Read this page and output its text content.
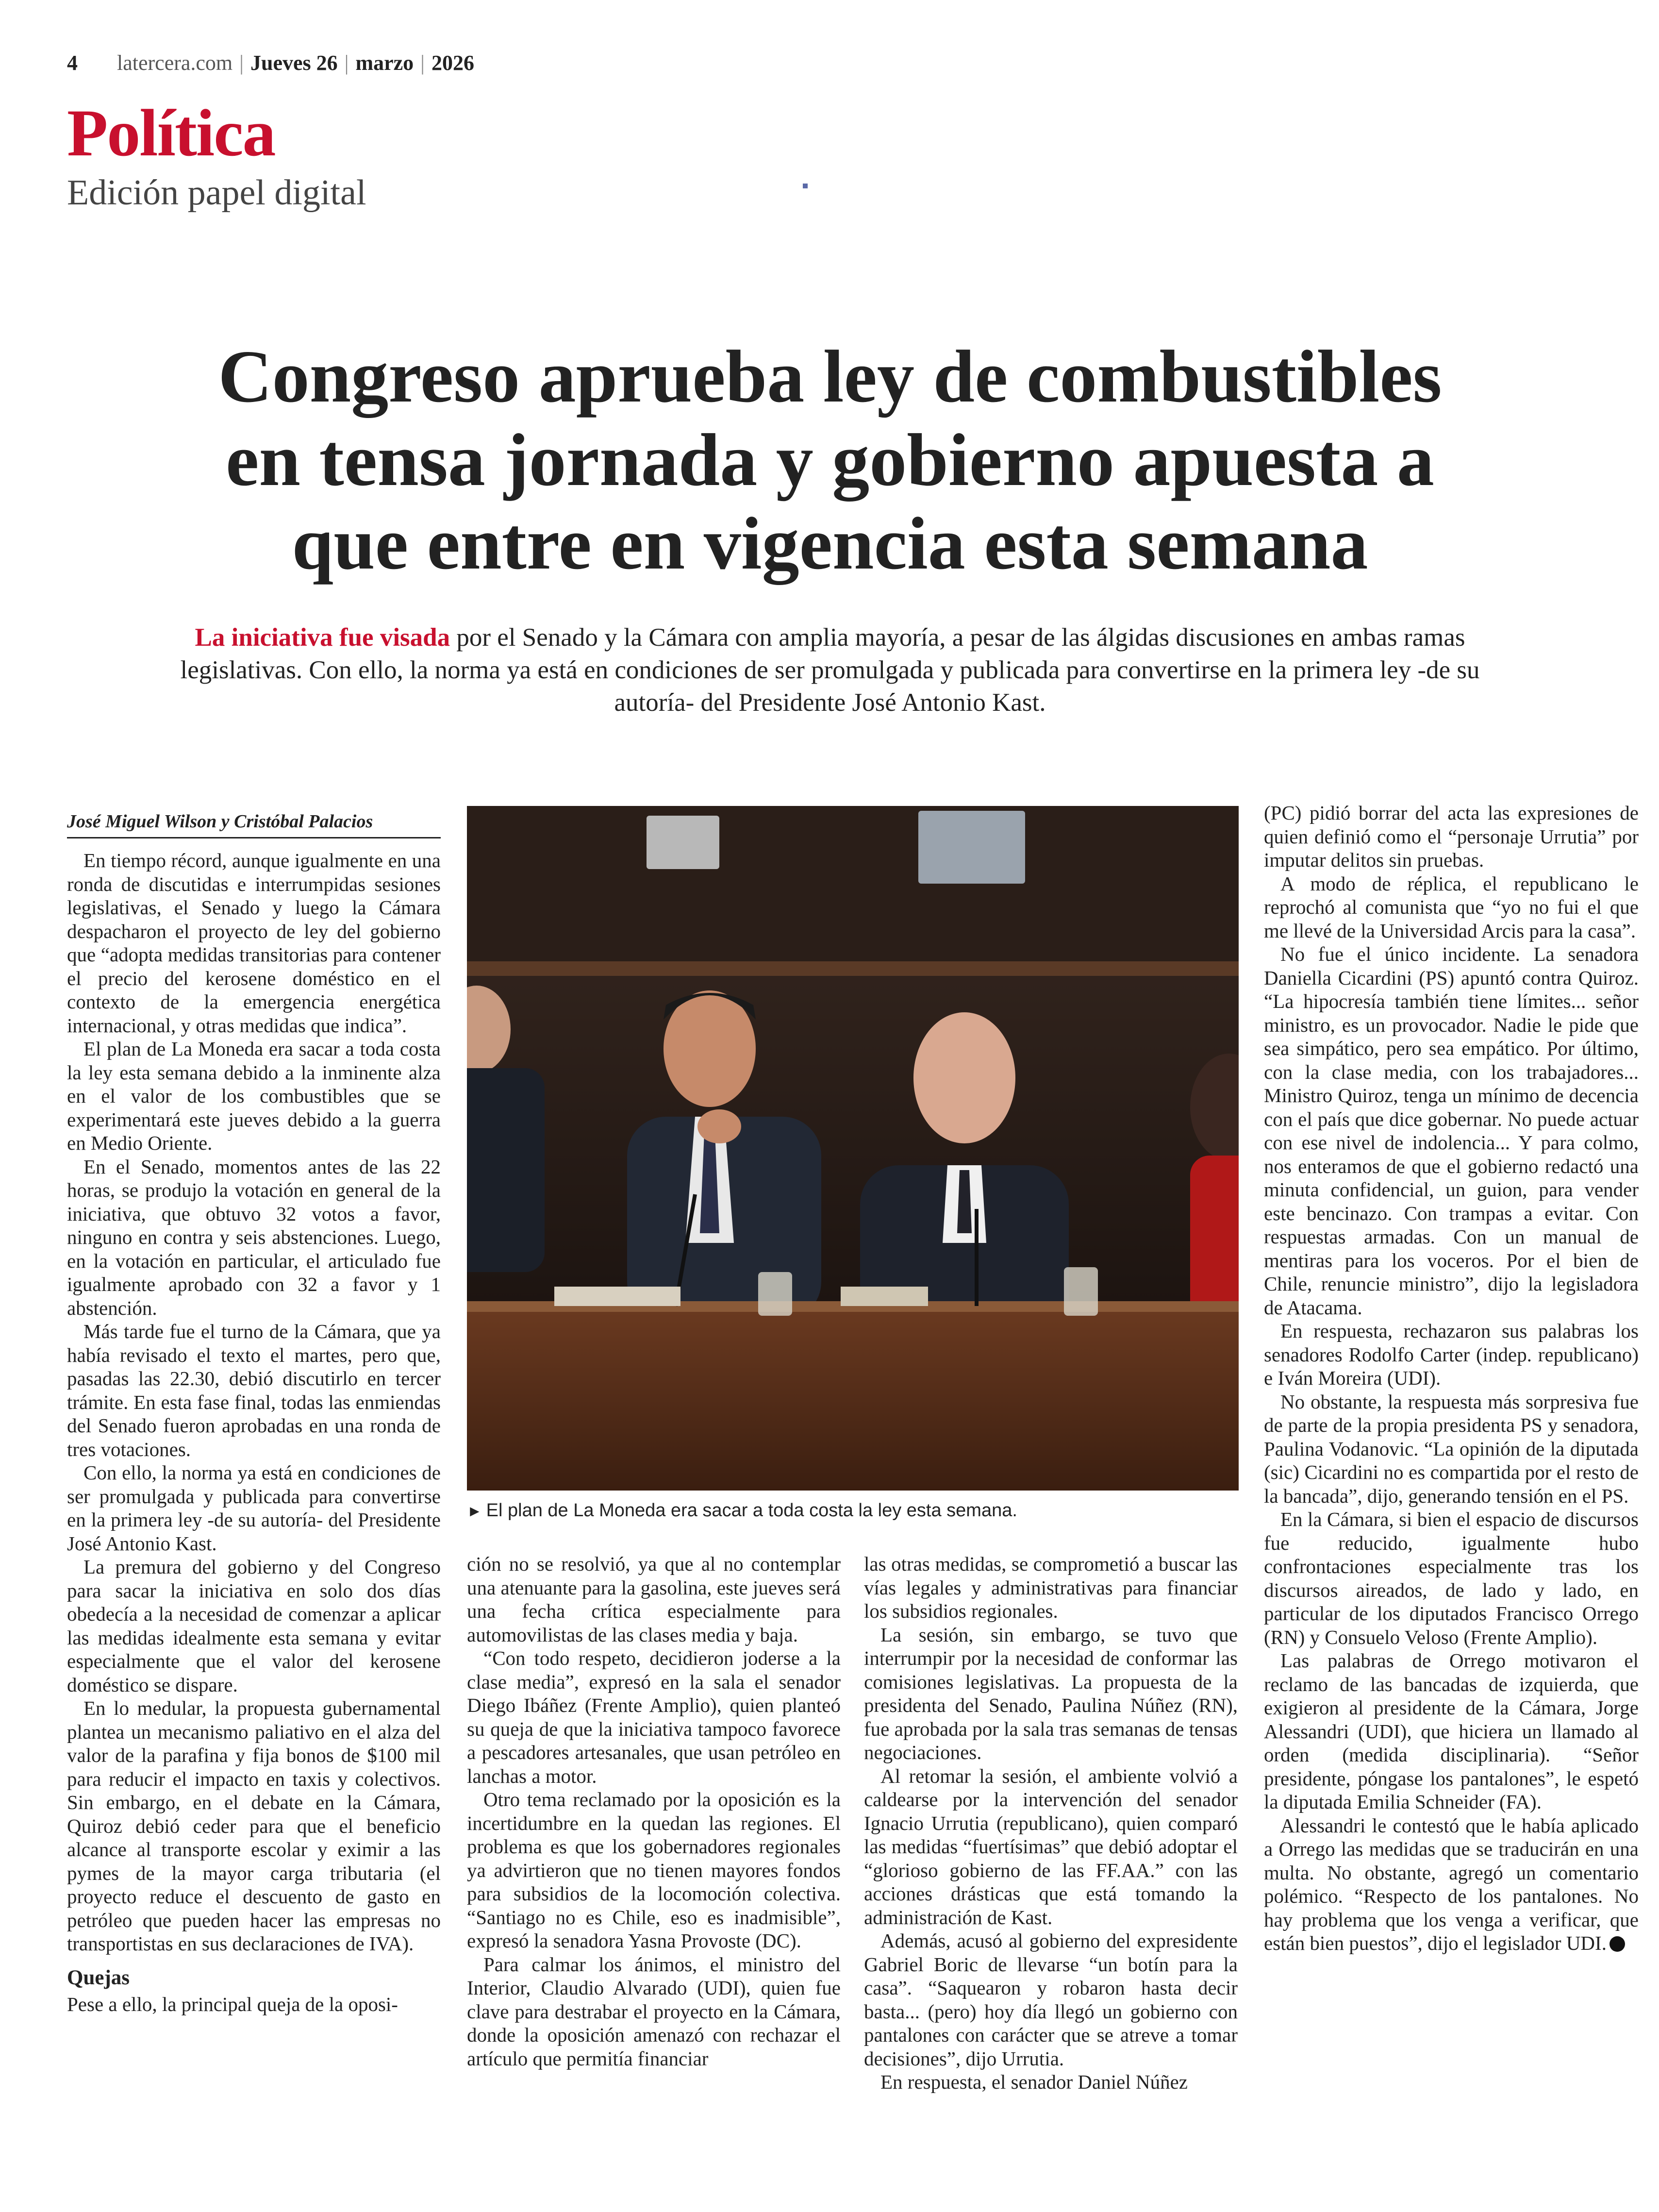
4 latercera.com | Jueves 26 | marzo | 2026
Política
Edición papel digital
Congreso aprueba ley de combustibles
en tensa jornada y gobierno apuesta a
que entre en vigencia esta semana
La iniciativa fue visada por el Senado y la Cámara con amplia mayoría, a pesar de las álgidas discusiones en ambas ramas legislativas. Con ello, la norma ya está en condiciones de ser promulgada y publicada para convertirse en la primera ley -de su autoría- del Presidente José Antonio Kast.
José Miguel Wilson y Cristóbal Palacios

En tiempo récord, aunque igualmente en una ronda de discutidas e interrumpidas sesiones legislativas, el Senado y luego la Cámara despacharon el proyecto de ley del gobierno que “adopta medidas transitorias para contener el precio del kerosene doméstico en el contexto de la emergencia energética internacional, y otras medidas que indica”.

El plan de La Moneda era sacar a toda costa la ley esta semana debido a la inminente alza en el valor de los combustibles que se experimentará este jueves debido a la guerra en Medio Oriente.

En el Senado, momentos antes de las 22 horas, se produjo la votación en general de la iniciativa, que obtuvo 32 votos a favor, ninguno en contra y seis abstenciones. Luego, en la votación en particular, el articulado fue igualmente aprobado con 32 a favor y 1 abstención.

Más tarde fue el turno de la Cámara, que ya había revisado el texto el martes, pero que, pasadas las 22.30, debió discutirlo en tercer trámite. En esta fase final, todas las enmiendas del Senado fueron aprobadas en una ronda de tres votaciones.

Con ello, la norma ya está en condiciones de ser promulgada y publicada para convertirse en la primera ley -de su autoría- del Presidente José Antonio Kast.

La premura del gobierno y del Congreso para sacar la iniciativa en solo dos días obedecía a la necesidad de comenzar a aplicar las medidas idealmente esta semana y evitar especialmente que el valor del kerosene doméstico se dispare.

En lo medular, la propuesta gubernamental plantea un mecanismo paliativo en el alza del valor de la parafina y fija bonos de $100 mil para reducir el impacto en taxis y colectivos. Sin embargo, en el debate en la Cámara, Quiroz debió ceder para que el beneficio alcance al transporte escolar y eximir a las pymes de la mayor carga tributaria (el proyecto reduce el descuento de gasto en petróleo que pueden hacer las empresas no transportistas en sus declaraciones de IVA).

Quejas

Pese a ello, la principal queja de la oposi-

► El plan de La Moneda era sacar a toda costa la ley esta semana.

ción no se resolvió, ya que al no contemplar una atenuante para la gasolina, este jueves será una fecha crítica especialmente para automovilistas de las clases media y baja.

“Con todo respeto, decidieron joderse a la clase media”, expresó en la sala el senador Diego Ibáñez (Frente Amplio), quien planteó su queja de que la iniciativa tampoco favorece a pescadores artesanales, que usan petróleo en lanchas a motor.

Otro tema reclamado por la oposición es la incertidumbre en la quedan las regiones. El problema es que los gobernadores regionales ya advirtieron que no tienen mayores fondos para subsidios de la locomoción colectiva. “Santiago no es Chile, eso es inadmisible”, expresó la senadora Yasna Provoste (DC).

Para calmar los ánimos, el ministro del Interior, Claudio Alvarado (UDI), quien fue clave para destrabar el proyecto en la Cámara, donde la oposición amenazó con rechazar el artículo que permitía financiar

las otras medidas, se comprometió a buscar las vías legales y administrativas para financiar los subsidios regionales.

La sesión, sin embargo, se tuvo que interrumpir por la necesidad de conformar las comisiones legislativas. La propuesta de la presidenta del Senado, Paulina Núñez (RN), fue aprobada por la sala tras semanas de tensas negociaciones.

Al retomar la sesión, el ambiente volvió a caldearse por la intervención del senador Ignacio Urrutia (republicano), quien comparó las medidas “fuertísimas” que debió adoptar el “glorioso gobierno de las FF.AA.” con las acciones drásticas que está tomando la administración de Kast.

Además, acusó al gobierno del expresidente Gabriel Boric de llevarse “un botín para la casa”. “Saquearon y robaron hasta decir basta... (pero) hoy día llegó un gobierno con pantalones con carácter que se atreve a tomar decisiones”, dijo Urrutia.

En respuesta, el senador Daniel Núñez

(PC) pidió borrar del acta las expresiones de quien definió como el “personaje Urrutia” por imputar delitos sin pruebas.

A modo de réplica, el republicano le reprochó al comunista que “yo no fui el que me llevé de la Universidad Arcis para la casa”.

No fue el único incidente. La senadora Daniella Cicardini (PS) apuntó contra Quiroz. “La hipocresía también tiene límites... señor ministro, es un provocador. Nadie le pide que sea simpático, pero sea empático. Por último, con la clase media, con los trabajadores... Ministro Quiroz, tenga un mínimo de decencia con el país que dice gobernar. No puede actuar con ese nivel de indolencia... Y para colmo, nos enteramos de que el gobierno redactó una minuta confidencial, un guion, para vender este bencinazo. Con trampas a evitar. Con respuestas armadas. Con un manual de mentiras para los voceros. Por el bien de Chile, renuncie ministro”, dijo la legisladora de Atacama.

En respuesta, rechazaron sus palabras los senadores Rodolfo Carter (indep. republicano) e Iván Moreira (UDI).

No obstante, la respuesta más sorpresiva fue de parte de la propia presidenta PS y senadora, Paulina Vodanovic. “La opinión de la diputada (sic) Cicardini no es compartida por el resto de la bancada”, dijo, generando tensión en el PS.

En la Cámara, si bien el espacio de discursos fue reducido, igualmente hubo confrontaciones especialmente tras los discursos aireados, de lado y lado, en particular de los diputados Francisco Orrego (RN) y Consuelo Veloso (Frente Amplio).

Las palabras de Orrego motivaron el reclamo de las bancadas de izquierda, que exigieron al presidente de la Cámara, Jorge Alessandri (UDI), que hiciera un llamado al orden (medida disciplinaria). “Señor presidente, póngase los pantalones”, le espetó la diputada Emilia Schneider (FA).

Alessandri le contestó que le había aplicado a Orrego las medidas que se traducirán en una multa. No obstante, agregó un comentario polémico. “Respecto de los pantalones. No hay problema que los venga a verificar, que están bien puestos”, dijo el legislador UDI.
